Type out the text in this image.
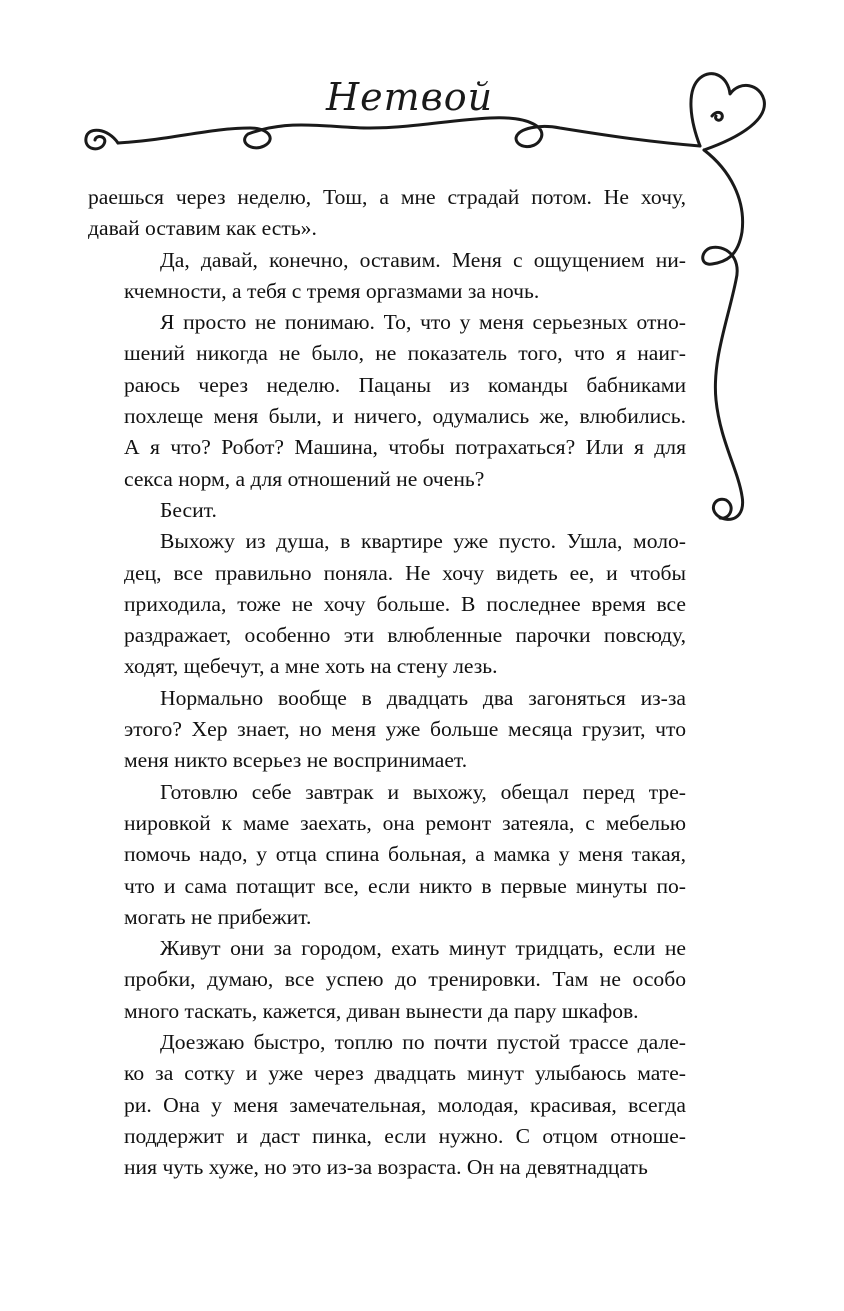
Нетвой
раешься через неделю, Тош, а мне страдай потом. Не хочу,
давай оставим как есть».
Да, давай, конечно, оставим. Меня с ощущением ни-
кчемности, а тебя с тремя оргазмами за ночь.
Я просто не понимаю. То, что у меня серьезных отно-
шений никогда не было, не показатель того, что я наиг-
раюсь через неделю. Пацаны из команды бабниками
похлеще меня были, и ничего, одумались же, влюбились.
А я что? Робот? Машина, чтобы потрахаться? Или я для
секса норм, а для отношений не очень?
Бесит.
Выхожу из душа, в квартире уже пусто. Ушла, моло-
дец, все правильно поняла. Не хочу видеть ее, и чтобы
приходила, тоже не хочу больше. В последнее время все
раздражает, особенно эти влюбленные парочки повсюду,
ходят, щебечут, а мне хоть на стену лезь.
Нормально вообще в двадцать два загоняться из-за
этого? Хер знает, но меня уже больше месяца грузит, что
меня никто всерьез не воспринимает.
Готовлю себе завтрак и выхожу, обещал перед тре-
нировкой к маме заехать, она ремонт затеяла, с мебелью
помочь надо, у отца спина больная, а мамка у меня такая,
что и сама потащит все, если никто в первые минуты по-
могать не прибежит.
Живут они за городом, ехать минут тридцать, если не
пробки, думаю, все успею до тренировки. Там не особо
много таскать, кажется, диван вынести да пару шкафов.
Доезжаю быстро, топлю по почти пустой трассе дале-
ко за сотку и уже через двадцать минут улыбаюсь мате-
ри. Она у меня замечательная, молодая, красивая, всегда
поддержит и даст пинка, если нужно. С отцом отноше-
ния чуть хуже, но это из-за возраста. Он на девятнадцать
